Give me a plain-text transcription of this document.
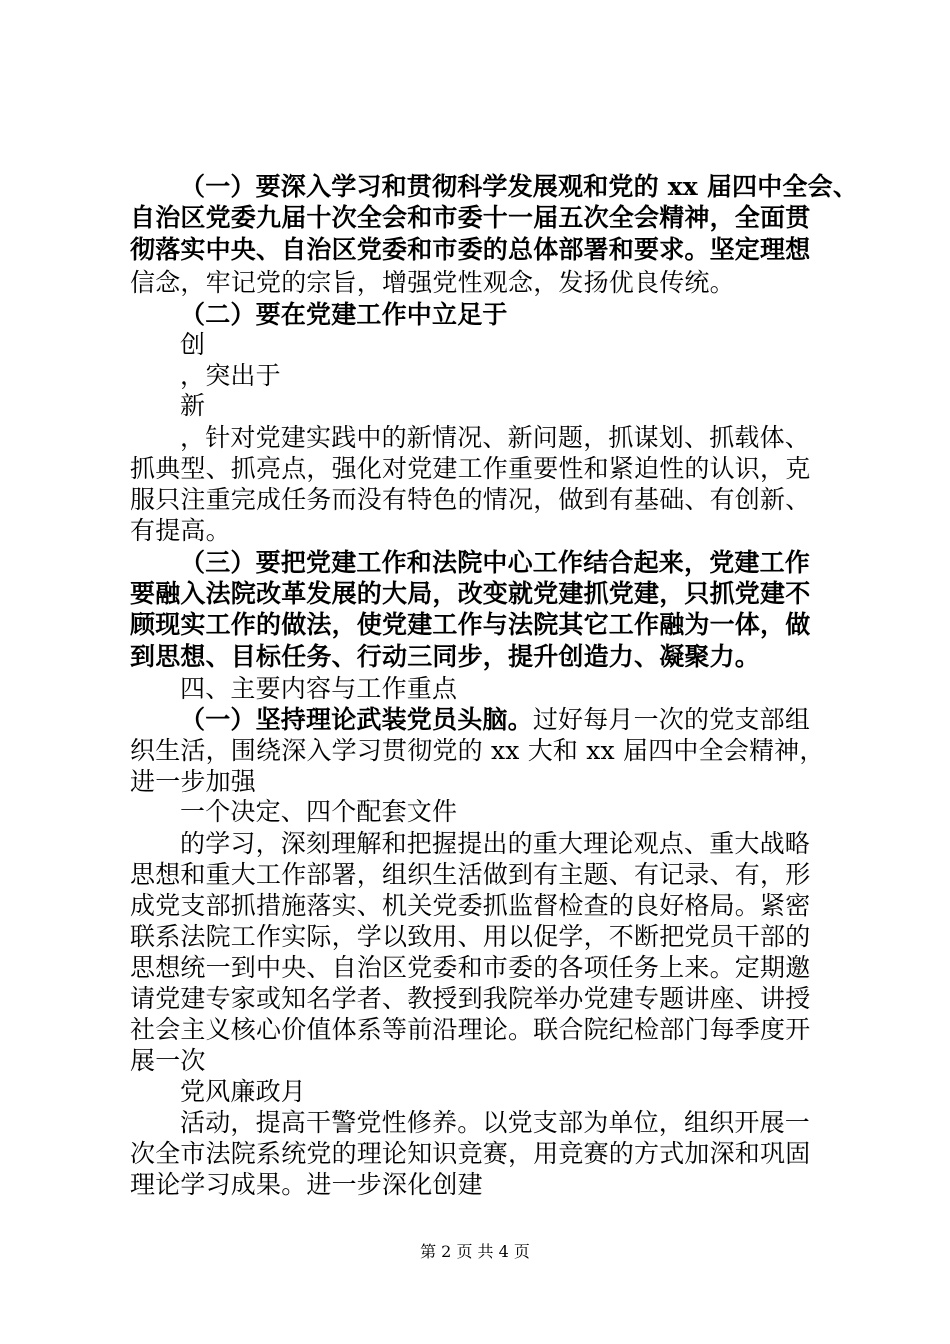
（一）要深入学习和贯彻科学发展观和党的 xx 届四中全会、
自治区党委九届十次全会和市委十一届五次全会精神，全面贯
彻落实中央、自治区党委和市委的总体部署和要求。坚定理想
信念，牢记党的宗旨，增强党性观念，发扬优良传统。
（二）要在党建工作中立足于
创
，突出于
新
，针对党建实践中的新情况、新问题，抓谋划、抓载体、
抓典型、抓亮点，强化对党建工作重要性和紧迫性的认识，克
服只注重完成任务而没有特色的情况，做到有基础、有创新、
有提高。
（三）要把党建工作和法院中心工作结合起来，党建工作
要融入法院改革发展的大局，改变就党建抓党建，只抓党建不
顾现实工作的做法，使党建工作与法院其它工作融为一体，做
到思想、目标任务、行动三同步，提升创造力、凝聚力。
四、主要内容与工作重点
（一）坚持理论武装党员头脑。过好每月一次的党支部组
织生活，围绕深入学习贯彻党的 xx 大和 xx 届四中全会精神，
进一步加强
一个决定、四个配套文件
的学习，深刻理解和把握提出的重大理论观点、重大战略
思想和重大工作部署，组织生活做到有主题、有记录、有，形
成党支部抓措施落实、机关党委抓监督检查的良好格局。紧密
联系法院工作实际，学以致用、用以促学，不断把党员干部的
思想统一到中央、自治区党委和市委的各项任务上来。定期邀
请党建专家或知名学者、教授到我院举办党建专题讲座、讲授
社会主义核心价值体系等前沿理论。联合院纪检部门每季度开
展一次
党风廉政月
活动，提高干警党性修养。以党支部为单位，组织开展一
次全市法院系统党的理论知识竞赛，用竞赛的方式加深和巩固
理论学习成果。进一步深化创建
第 2 页 共 4 页
